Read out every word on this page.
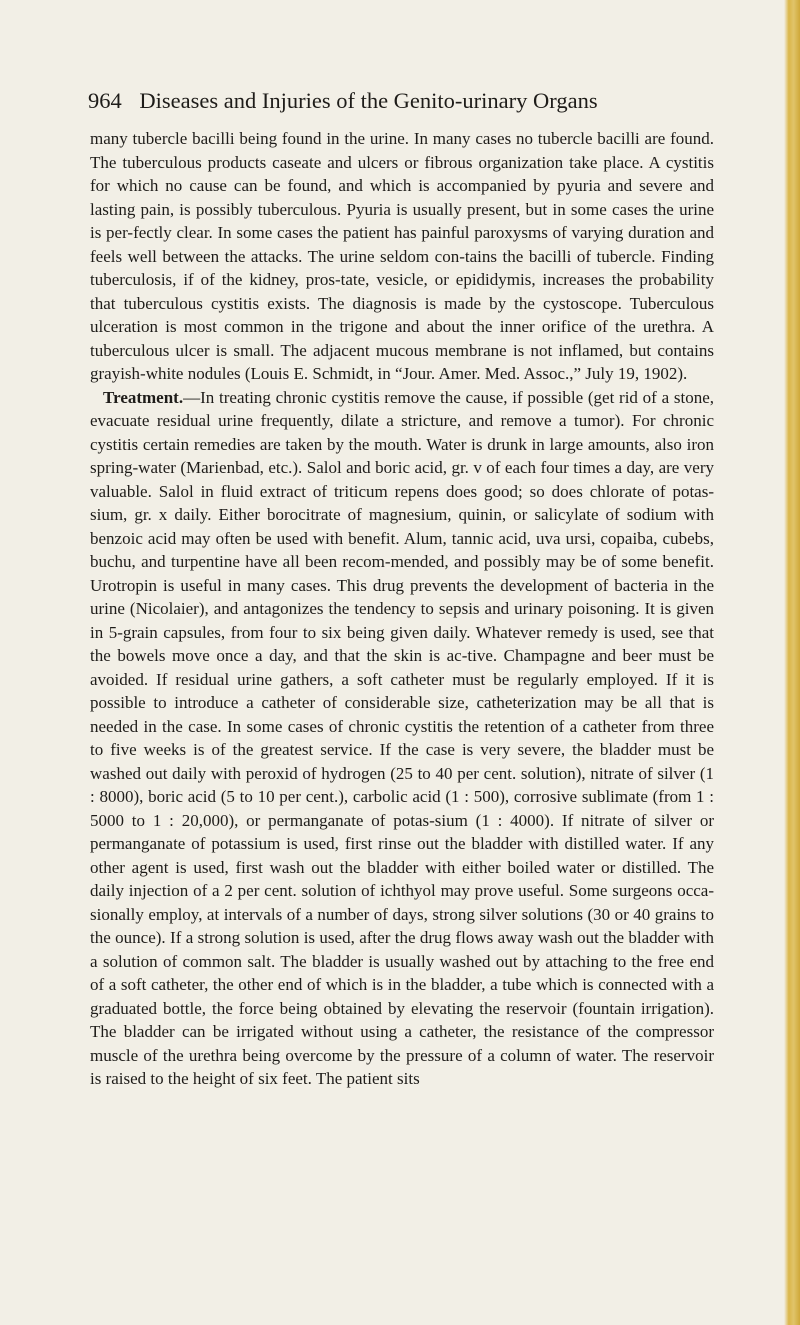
964 Diseases and Injuries of the Genito-urinary Organs

many tubercle bacilli being found in the urine. In many cases no tubercle bacilli are found. The tuberculous products caseate and ulcers or fibrous organization take place. A cystitis for which no cause can be found, and which is accompanied by pyuria and severe and lasting pain, is possibly tuberculous. Pyuria is usually present, but in some cases the urine is per-fectly clear. In some cases the patient has painful paroxysms of varying duration and feels well between the attacks. The urine seldom con-tains the bacilli of tubercle. Finding tuberculosis, if of the kidney, pros-tate, vesicle, or epididymis, increases the probability that tuberculous cystitis exists. The diagnosis is made by the cystoscope. Tuberculous ulceration is most common in the trigone and about the inner orifice of the urethra. A tuberculous ulcer is small. The adjacent mucous membrane is not inflamed, but contains grayish-white nodules (Louis E. Schmidt, in “Jour. Amer. Med. Assoc.,” July 19, 1902).

Treatment.—In treating chronic cystitis remove the cause, if possible (get rid of a stone, evacuate residual urine frequently, dilate a stricture, and remove a tumor). For chronic cystitis certain remedies are taken by the mouth. Water is drunk in large amounts, also iron spring-water (Marienbad, etc.). Salol and boric acid, gr. v of each four times a day, are very valuable. Salol in fluid extract of triticum repens does good; so does chlorate of potas-sium, gr. x daily. Either borocitrate of magnesium, quinin, or salicylate of sodium with benzoic acid may often be used with benefit. Alum, tannic acid, uva ursi, copaiba, cubebs, buchu, and turpentine have all been recom-mended, and possibly may be of some benefit. Urotropin is useful in many cases. This drug prevents the development of bacteria in the urine (Nicolaier), and antagonizes the tendency to sepsis and urinary poisoning. It is given in 5-grain capsules, from four to six being given daily. Whatever remedy is used, see that the bowels move once a day, and that the skin is ac-tive. Champagne and beer must be avoided. If residual urine gathers, a soft catheter must be regularly employed. If it is possible to introduce a catheter of considerable size, catheterization may be all that is needed in the case. In some cases of chronic cystitis the retention of a catheter from three to five weeks is of the greatest service. If the case is very severe, the bladder must be washed out daily with peroxid of hydrogen (25 to 40 per cent. solution), nitrate of silver (1 : 8000), boric acid (5 to 10 per cent.), carbolic acid (1 : 500), corrosive sublimate (from 1 : 5000 to 1 : 20,000), or permanganate of potas-sium (1 : 4000). If nitrate of silver or permanganate of potassium is used, first rinse out the bladder with distilled water. If any other agent is used, first wash out the bladder with either boiled water or distilled. The daily injection of a 2 per cent. solution of ichthyol may prove useful. Some surgeons occa-sionally employ, at intervals of a number of days, strong silver solutions (30 or 40 grains to the ounce). If a strong solution is used, after the drug flows away wash out the bladder with a solution of common salt. The bladder is usually washed out by attaching to the free end of a soft catheter, the other end of which is in the bladder, a tube which is connected with a graduated bottle, the force being obtained by elevating the reservoir (fountain irrigation). The bladder can be irrigated without using a catheter, the resistance of the compressor muscle of the urethra being overcome by the pressure of a column of water. The reservoir is raised to the height of six feet. The patient sits
